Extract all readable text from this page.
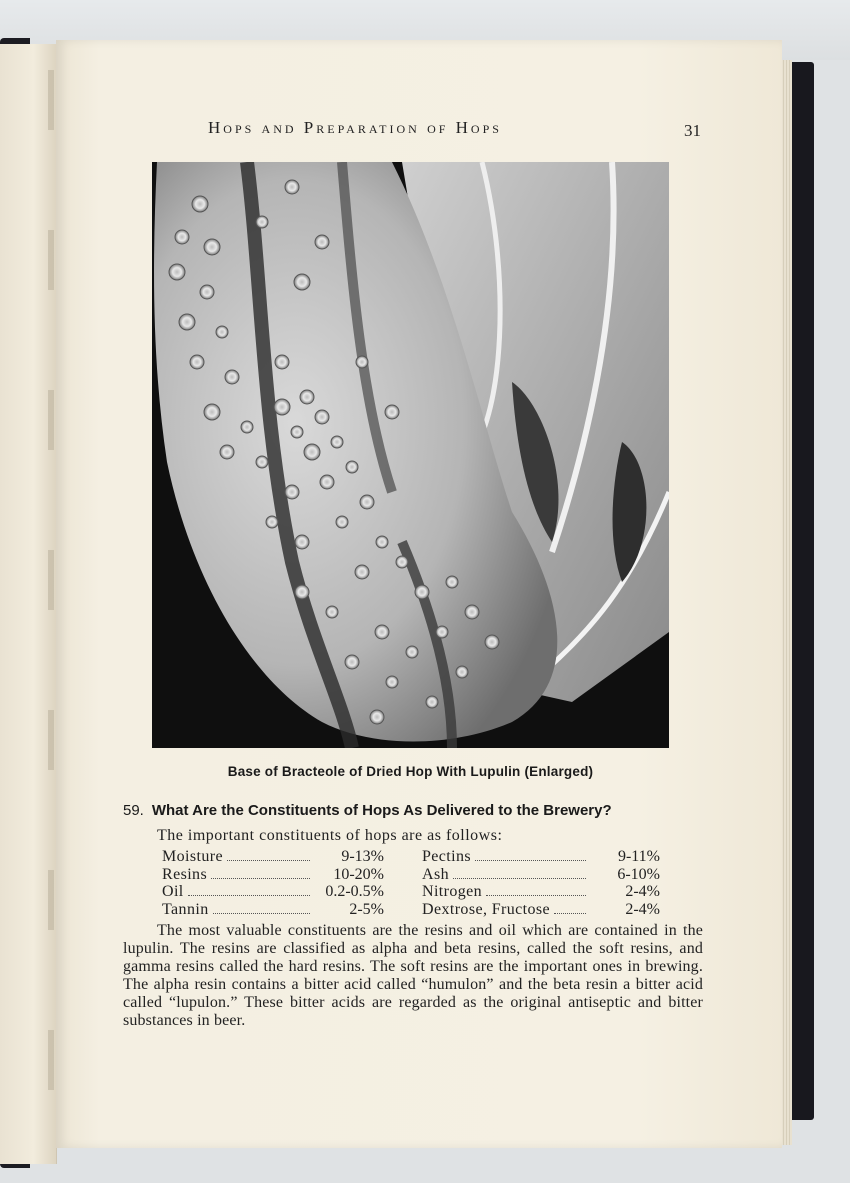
Hops and Preparation of Hops	31
Base of Bracteole of Dried Hop With Lupulin (Enlarged)
59. What Are the Constituents of Hops As Delivered to the Brewery?
The important constituents of hops are as follows:
Moisture	9-13% Pectins	9-11%
Resins	10-20% Ash	6-10%
Oil	0.2-0.5% Nitrogen	2-4%
Tannin	2-5% Dextrose, Fructose	2-4%

The most valuable constituents are the resins and oil which are contained in the lupulin. The resins are classified as alpha and beta resins, called the soft resins, and gamma resins called the hard resins. The soft resins are the important ones in brewing. The alpha resin contains a bitter acid called “humulon” and the beta resin a bitter acid called “lupulon.” These bitter acids are regarded as the original antiseptic and bitter substances in beer.
